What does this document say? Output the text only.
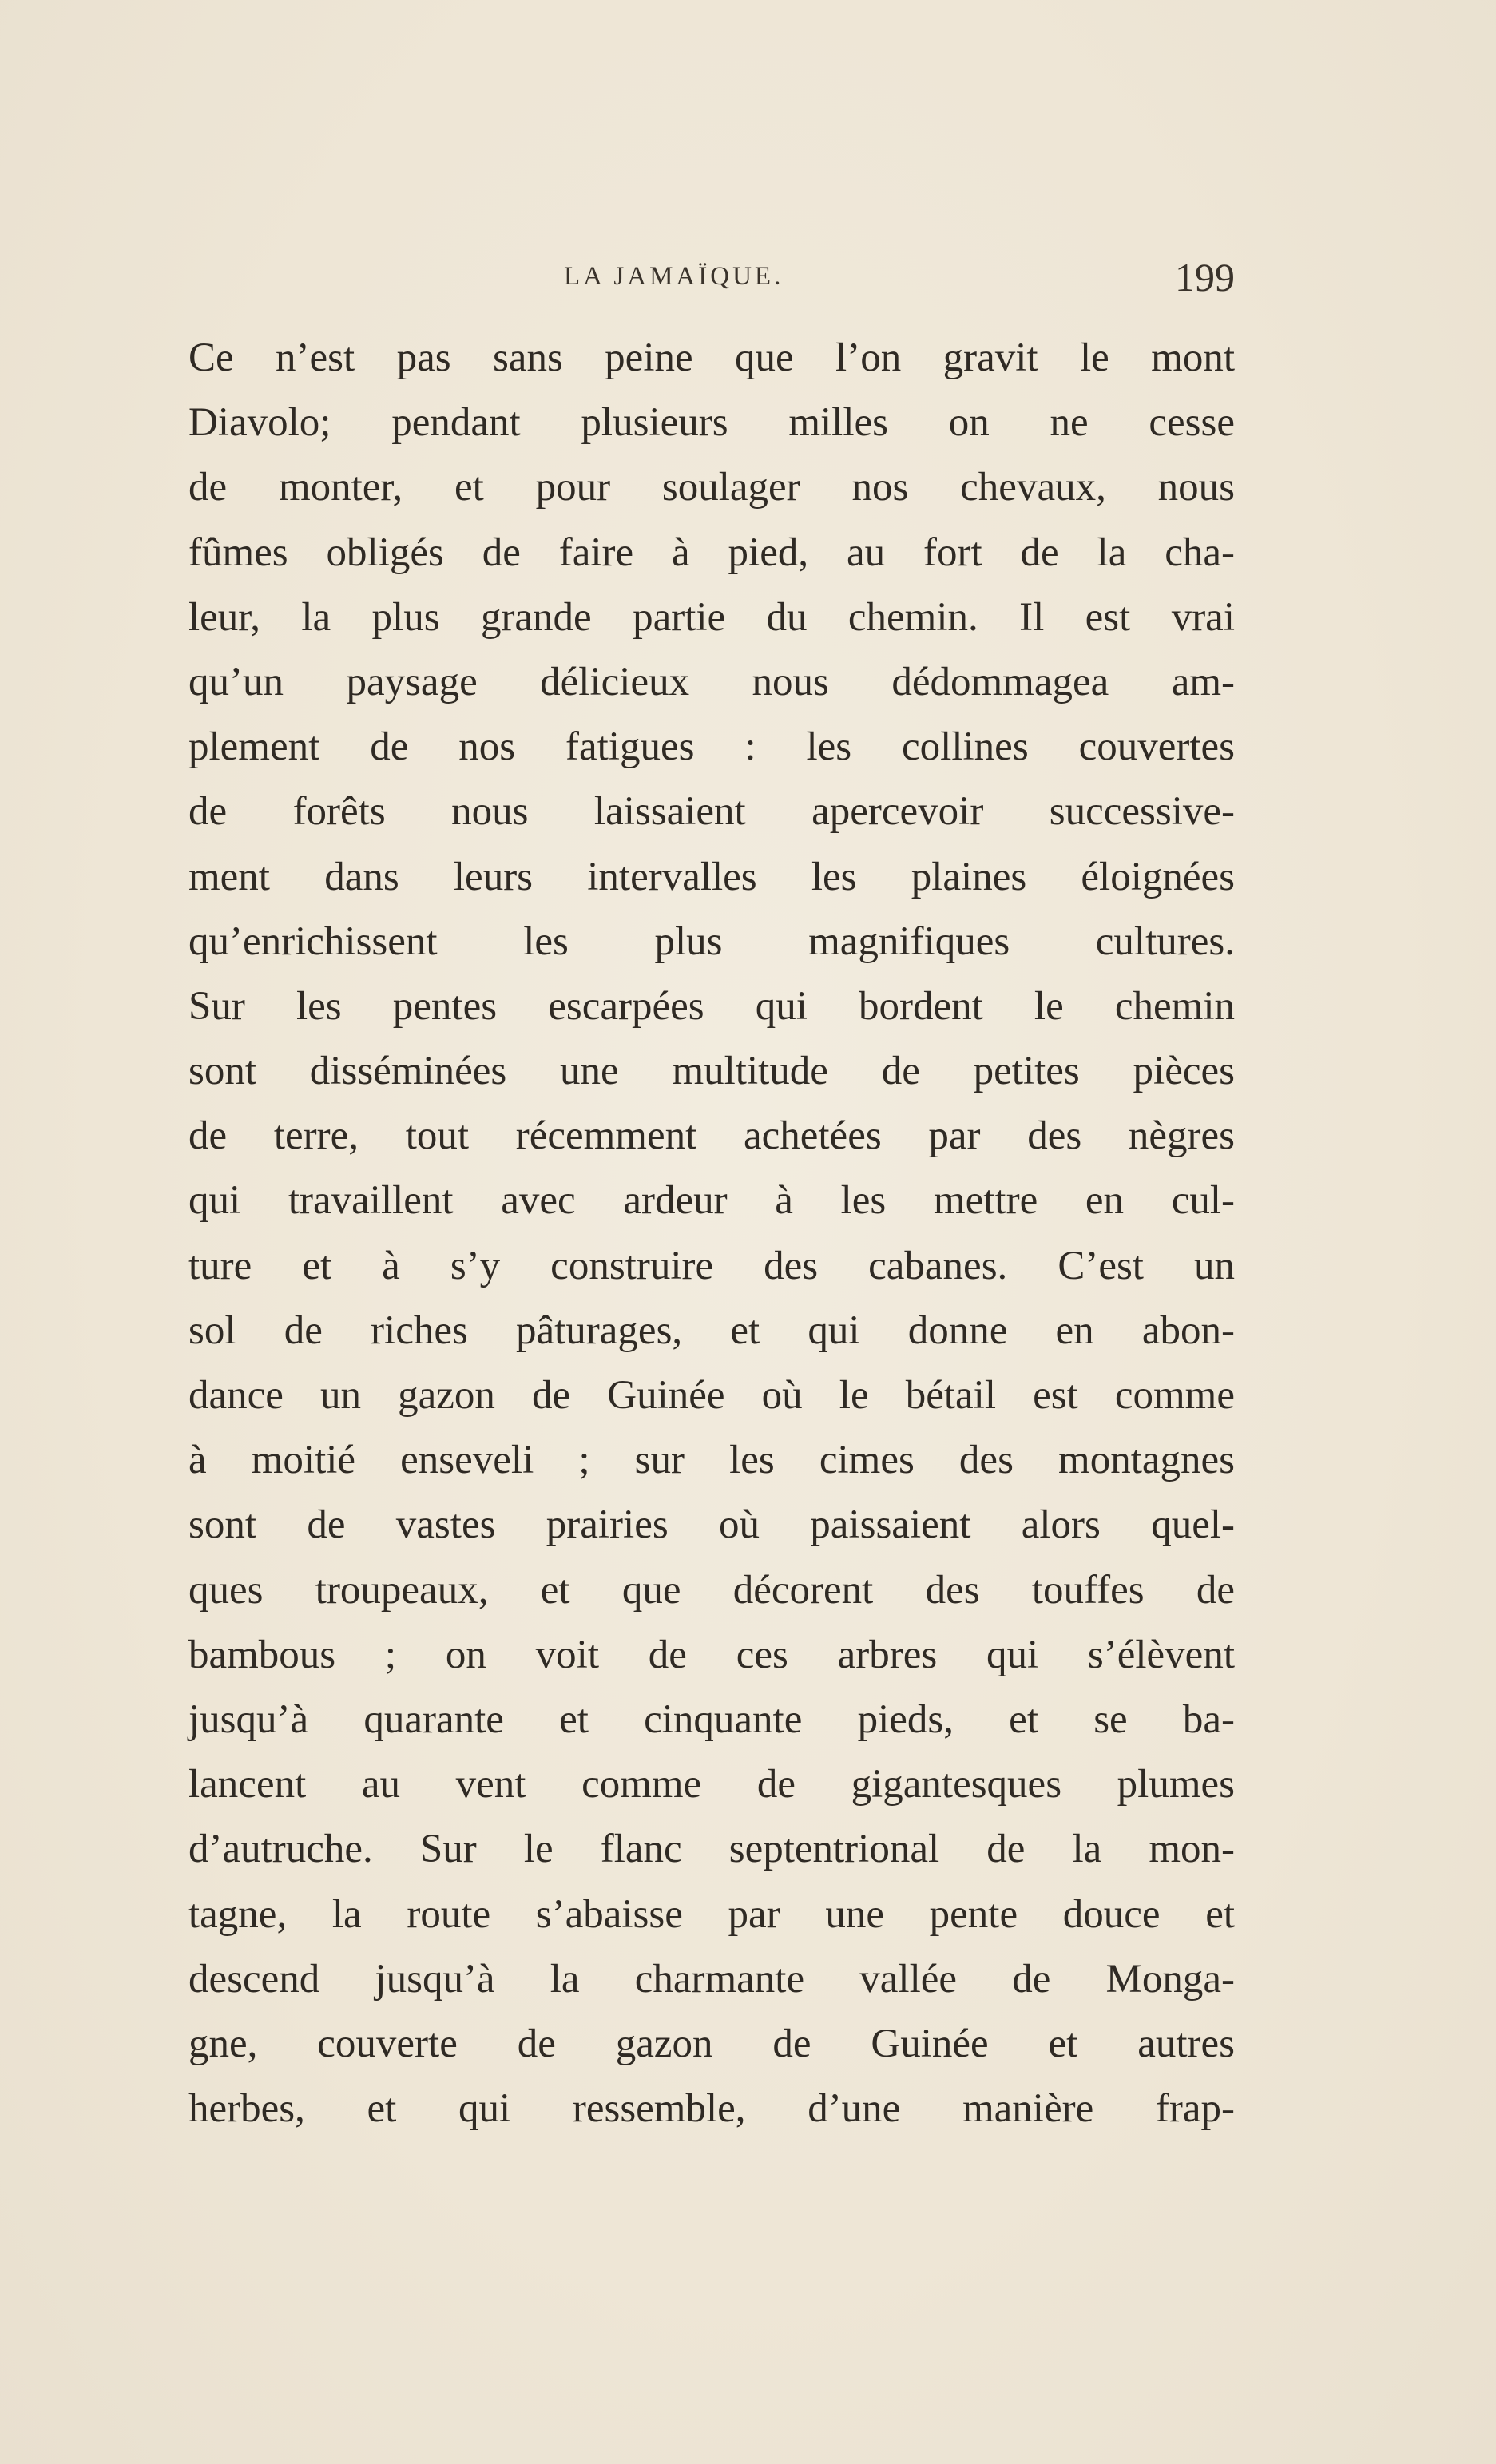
LA JAMAÏQUE.	199
Ce n’est pas sans peine que l’on gravit le mont
Diavolo; pendant plusieurs milles on ne cesse
de monter, et pour soulager nos chevaux, nous
fûmes obligés de faire à pied, au fort de la cha-
leur, la plus grande partie du chemin. Il est vrai
qu’un paysage délicieux nous dédommagea am-
plement de nos fatigues : les collines couvertes
de forêts nous laissaient apercevoir successive-
ment dans leurs intervalles les plaines éloignées
qu’enrichissent les plus magnifiques cultures.
Sur les pentes escarpées qui bordent le chemin
sont disséminées une multitude de petites pièces
de terre, tout récemment achetées par des nègres
qui travaillent avec ardeur à les mettre en cul-
ture et à s’y construire des cabanes. C’est un
sol de riches pâturages, et qui donne en abon-
dance un gazon de Guinée où le bétail est comme
à moitié enseveli ; sur les cimes des montagnes
sont de vastes prairies où paissaient alors quel-
ques troupeaux, et que décorent des touffes de
bambous ; on voit de ces arbres qui s’élèvent
jusqu’à quarante et cinquante pieds, et se ba-
lancent au vent comme de gigantesques plumes
d’autruche. Sur le flanc septentrional de la mon-
tagne, la route s’abaisse par une pente douce et
descend jusqu’à la charmante vallée de Monga-
gne, couverte de gazon de Guinée et autres
herbes, et qui ressemble, d’une manière frap-
